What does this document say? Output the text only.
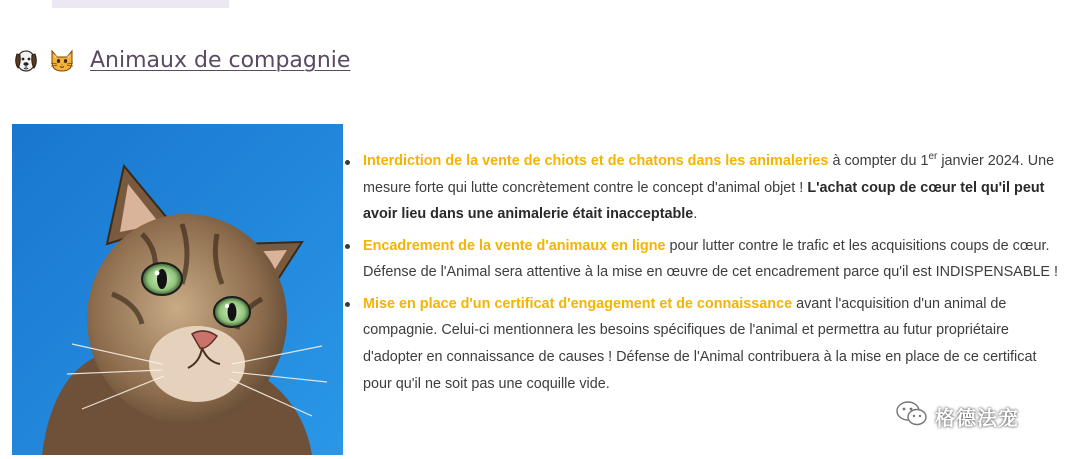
Animaux de compagnie
Interdiction de la vente de chiots et de chatons dans les animaleries à compter du 1er janvier 2024. Une mesure forte qui lutte concrètement contre le concept d'animal objet ! L'achat coup de cœur tel qu'il peut avoir lieu dans une animalerie était inacceptable.
Encadrement de la vente d'animaux en ligne pour lutter contre le trafic et les acquisitions coups de cœur. Défense de l'Animal sera attentive à la mise en œuvre de cet encadrement parce qu'il est INDISPENSABLE !
Mise en place d'un certificat d'engagement et de connaissance avant l'acquisition d'un animal de compagnie. Celui-ci mentionnera les besoins spécifiques de l'animal et permettra au futur propriétaire d'adopter en connaissance de causes ! Défense de l'Animal contribuera à la mise en place de ce certificat pour qu'il ne soit pas une coquille vide.
格德法宠
